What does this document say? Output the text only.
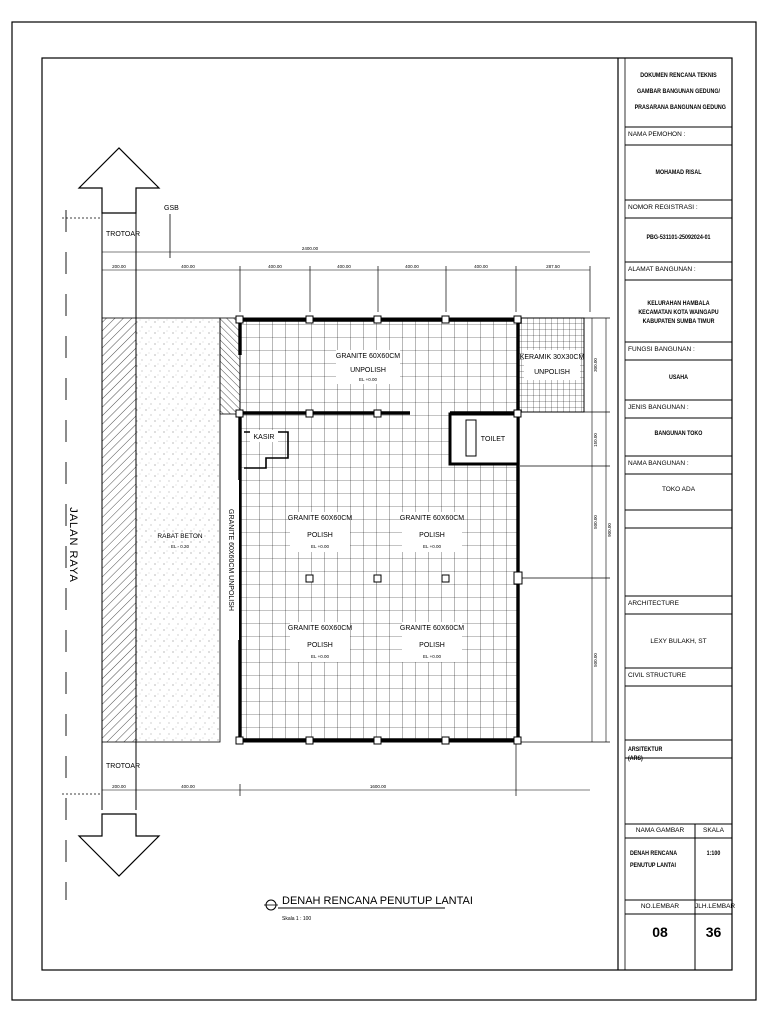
JALAN RAYA
TROTOAR
TROTOAR
GSB
2400.00
200.00	400.00	400.00	400.00	400.00	400.00	287.50
200.00	400.00	1600.00
300.00
150.00
500.00
500.00
900.00
RABAT BETON
EL - 0.20
GRANITE 60X60CM
UNPOLISH
EL +0.00
KERAMIK 30X30CM
UNPOLISH
KASIR	TOILET
GRANITE 60X60CM UNPOLISH	GRANITE 60X60CM
POLISH
EL +0.00
GRANITE 60X60CM
POLISH
EL +0.00
GRANITE 60X60CM
POLISH
EL +0.00
GRANITE 60X60CM
POLISH
EL +0.00
DENAH RENCANA PENUTUP LANTAI
Skala 1 : 100
DOKUMEN RENCANA TEKNIS
GAMBAR BANGUNAN GEDUNG/
PRASARANA BANGUNAN GEDUNG
NAMA PEMOHON :
MOHAMAD RISAL
NOMOR REGISTRASI :
PBG-531101-25092024-01
ALAMAT BANGUNAN :
KELURAHAN HAMBALA
KECAMATAN KOTA WAINGAPU
KABUPATEN SUMBA TIMUR
FUNGSI BANGUNAN :
USAHA
JENIS BANGUNAN :
BANGUNAN TOKO
NAMA BANGUNAN :
TOKO ADA
ARCHITECTURE
LEXY BULAKH, ST
CIVIL STRUCTURE
ARSITEKTUR
(ARS)
NAMA GAMBAR	SKALA
DENAH RENCANA
PENUTUP LANTAI
1:100
NO.LEMBAR	JLH.LEMBAR
08	36
